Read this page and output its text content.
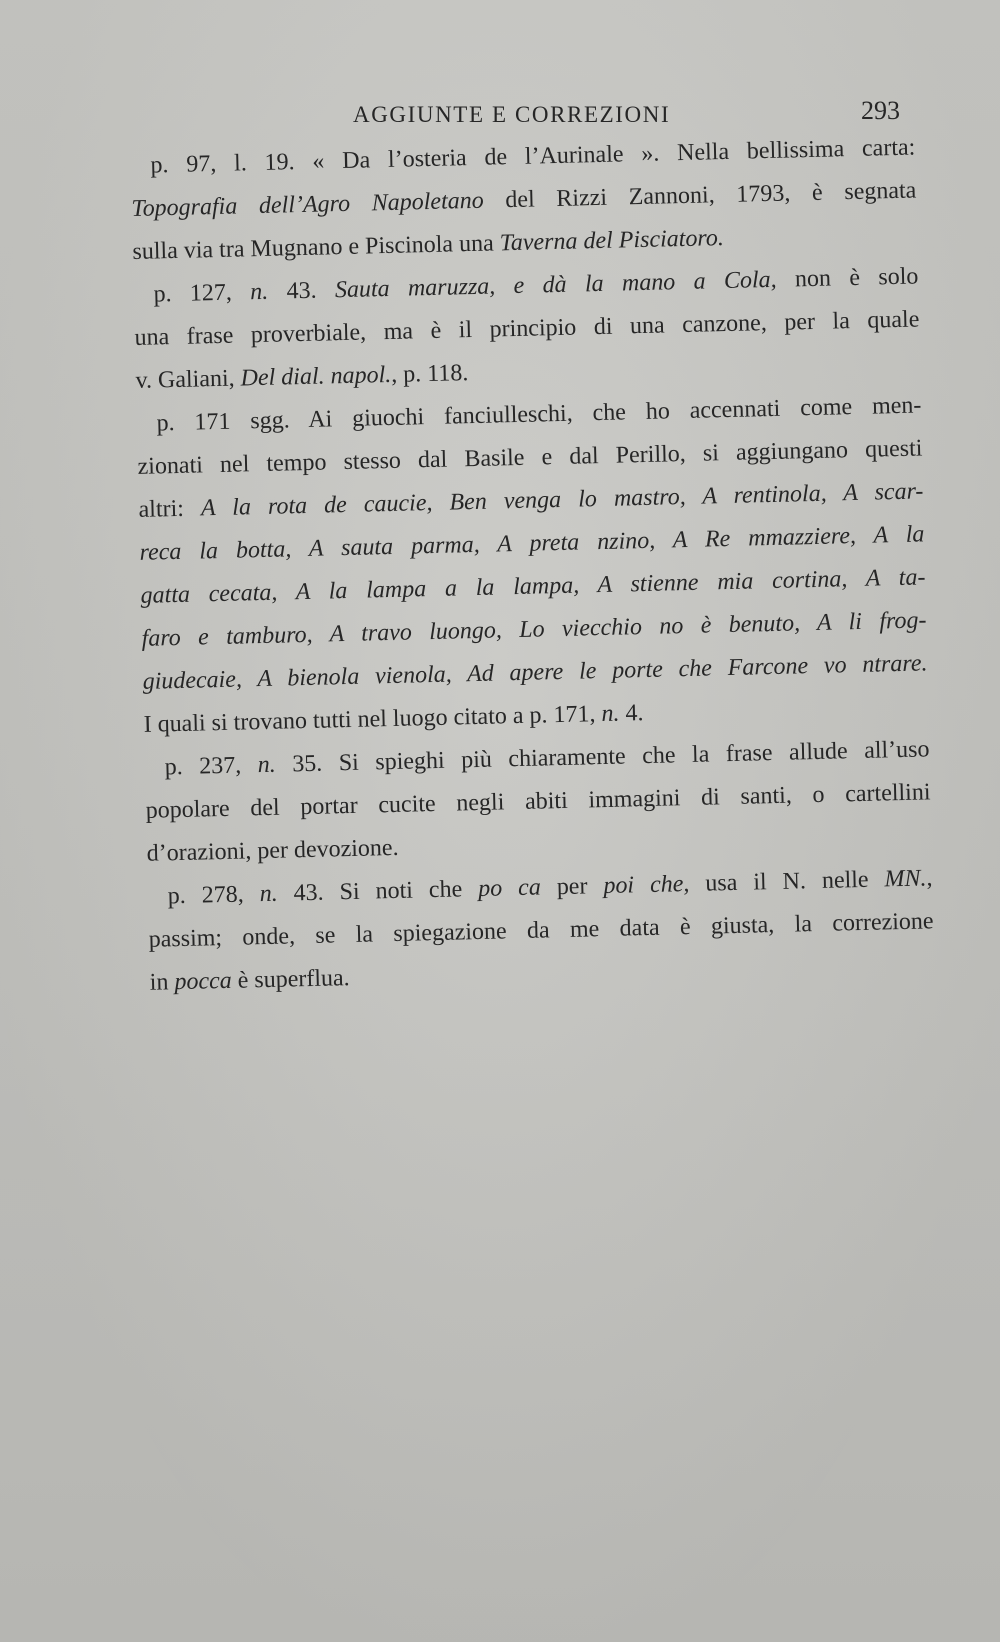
AGGIUNTE E CORREZIONI	293
p. 97, l. 19. « Da l’osteria de l’Aurinale ». Nella bellissima carta:
Topografia dell’Agro Napoletano del Rizzi Zannoni, 1793, è segnata
sulla via tra Mugnano e Piscinola una Taverna del Pisciatoro.
p. 127, n. 43. Sauta maruzza, e dà la mano a Cola, non è solo
una frase proverbiale, ma è il principio di una canzone, per la quale
v. Galiani, Del dial. napol., p. 118.
p. 171 sgg. Ai giuochi fanciulleschi, che ho accennati come men-
zionati nel tempo stesso dal Basile e dal Perillo, si aggiungano questi
altri: A la rota de caucie, Ben venga lo mastro, A rentinola, A scar-
reca la botta, A sauta parma, A preta nzino, A Re mmazziere, A la
gatta cecata, A la lampa a la lampa, A stienne mia cortina, A ta-
faro e tamburo, A travo luongo, Lo viecchio no è benuto, A li frog-
giudecaie, A bienola vienola, Ad apere le porte che Farcone vo ntrare.
I quali si trovano tutti nel luogo citato a p. 171, n. 4.
p. 237, n. 35. Si spieghi più chiaramente che la frase allude all’uso
popolare del portar cucite negli abiti immagini di santi, o cartellini
d’orazioni, per devozione.
p. 278, n. 43. Si noti che po ca per poi che, usa il N. nelle MN.,
passim; onde, se la spiegazione da me data è giusta, la correzione
in pocca è superflua.
